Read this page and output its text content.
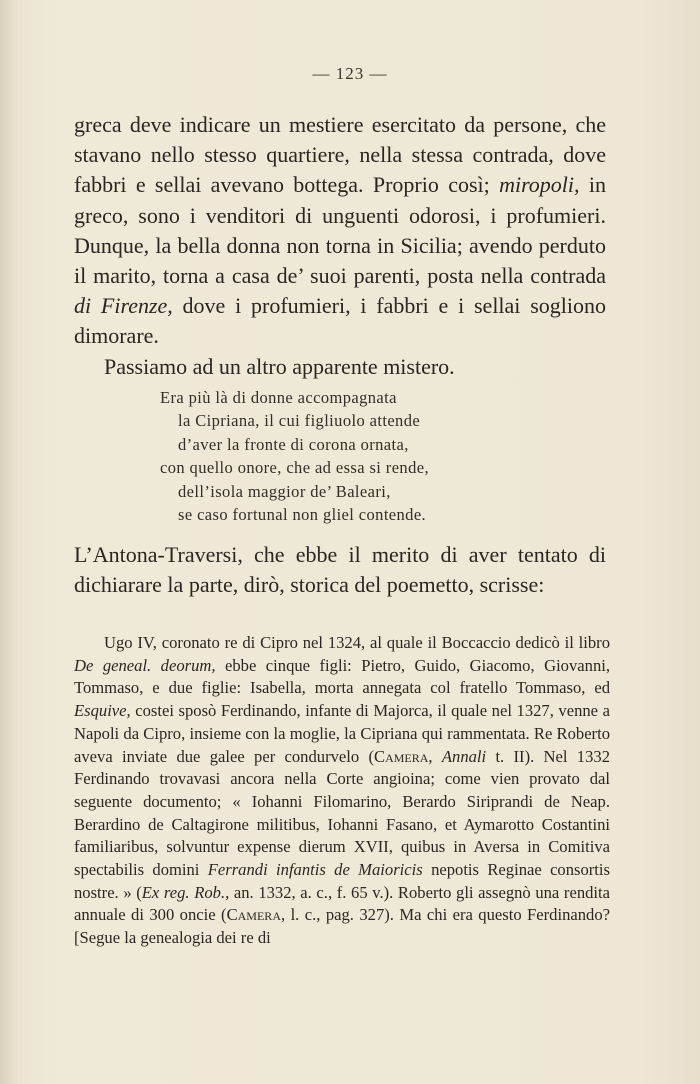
— 123 —

greca deve indicare un mestiere esercitato da persone, che stavano nello stesso quartiere, nella stessa contrada, dove fabbri e sellai avevano bottega. Proprio così; miropoli, in greco, sono i venditori di unguenti odorosi, i profumieri. Dunque, la bella donna non torna in Sicilia; avendo perduto il marito, torna a casa de’ suoi parenti, posta nella contrada di Firenze, dove i profumieri, i fabbri e i sellai sogliono dimorare.

Passiamo ad un altro apparente mistero.

Era più là di donne accompagnata
la Cipriana, il cui figliuolo attende
d’aver la fronte di corona ornata,
con quello onore, che ad essa si rende,
dell’isola maggior de’ Baleari,
se caso fortunal non gliel contende.

L’Antona-Traversi, che ebbe il merito di aver tentato di dichiarare la parte, dirò, storica del poemetto, scrisse:

Ugo IV, coronato re di Cipro nel 1324, al quale il Boccaccio dedicò il libro De geneal. deorum, ebbe cinque figli: Pietro, Guido, Giacomo, Giovanni, Tommaso, e due figlie: Isabella, morta annegata col fratello Tommaso, ed Esquive, costei sposò Ferdinando, infante di Majorca, il quale nel 1327, venne a Napoli da Cipro, insieme con la moglie, la Cipriana qui rammentata. Re Roberto aveva inviate due galee per condurvelo (Camera, Annali t. II). Nel 1332 Ferdinando trovavasi ancora nella Corte angioina; come vien provato dal seguente documento; « Iohanni Filomarino, Berardo Siriprandi de Neap. Berardino de Caltagirone militibus, Iohanni Fasano, et Aymarotto Costantini familiaribus, solvuntur expense dierum XVII, quibus in Aversa in Comitiva spectabilis domini Ferrandi infantis de Maioricis nepotis Reginae consortis nostre. » (Ex reg. Rob., an. 1332, a. c., f. 65 v.). Roberto gli assegnò una rendita annuale di 300 oncie (Camera, l. c., pag. 327). Ma chi era questo Ferdinando? [Segue la genealogia dei re di
